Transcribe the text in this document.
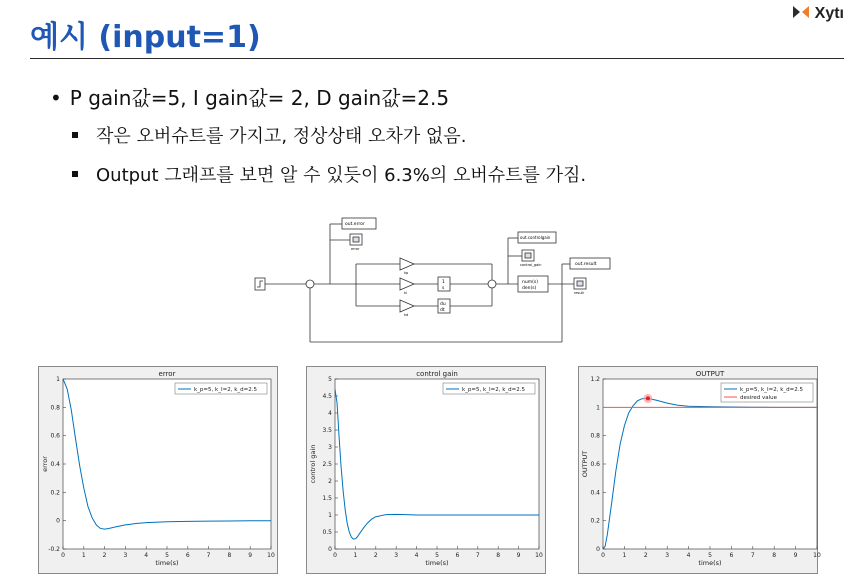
예시 (input=1)
Xytı
• P gain값=5, I gain값= 2, D gain값=2.5
작은 오버슈트를 가지고, 정상상태 오차가 없음.
Output 그래프를 보면 알 수 있듯이 6.3%의 오버슈트를 가짐.
out.error
error
kp
ki
kd
1
s
du
dt
out.controlgain
control_gain
num(s)
den(s)
out.result
result
error
0	1	2	3	4	5	6	7	8	9	10
-0.2
0
0.2
0.4
0.6
0.8
1
time(s)
error
k_p=5, k_I=2, k_d=2.5
control gain
0	1	2	3	4	5	6	7	8	9 10
0
0.5
1
1.5
2
2.5
3
3.5
4
4.5
5
time(s)
control gain
k_p=5, k_I=2, k_d=2.5
OUTPUT
0	1	2	3	4	5	6	7	8	9	10
0
0.2
0.4
0.6
0.8
1
1.2
time(s)
OUTPUT
k_p=5, k_I=2, k_d=2.5
desired value
